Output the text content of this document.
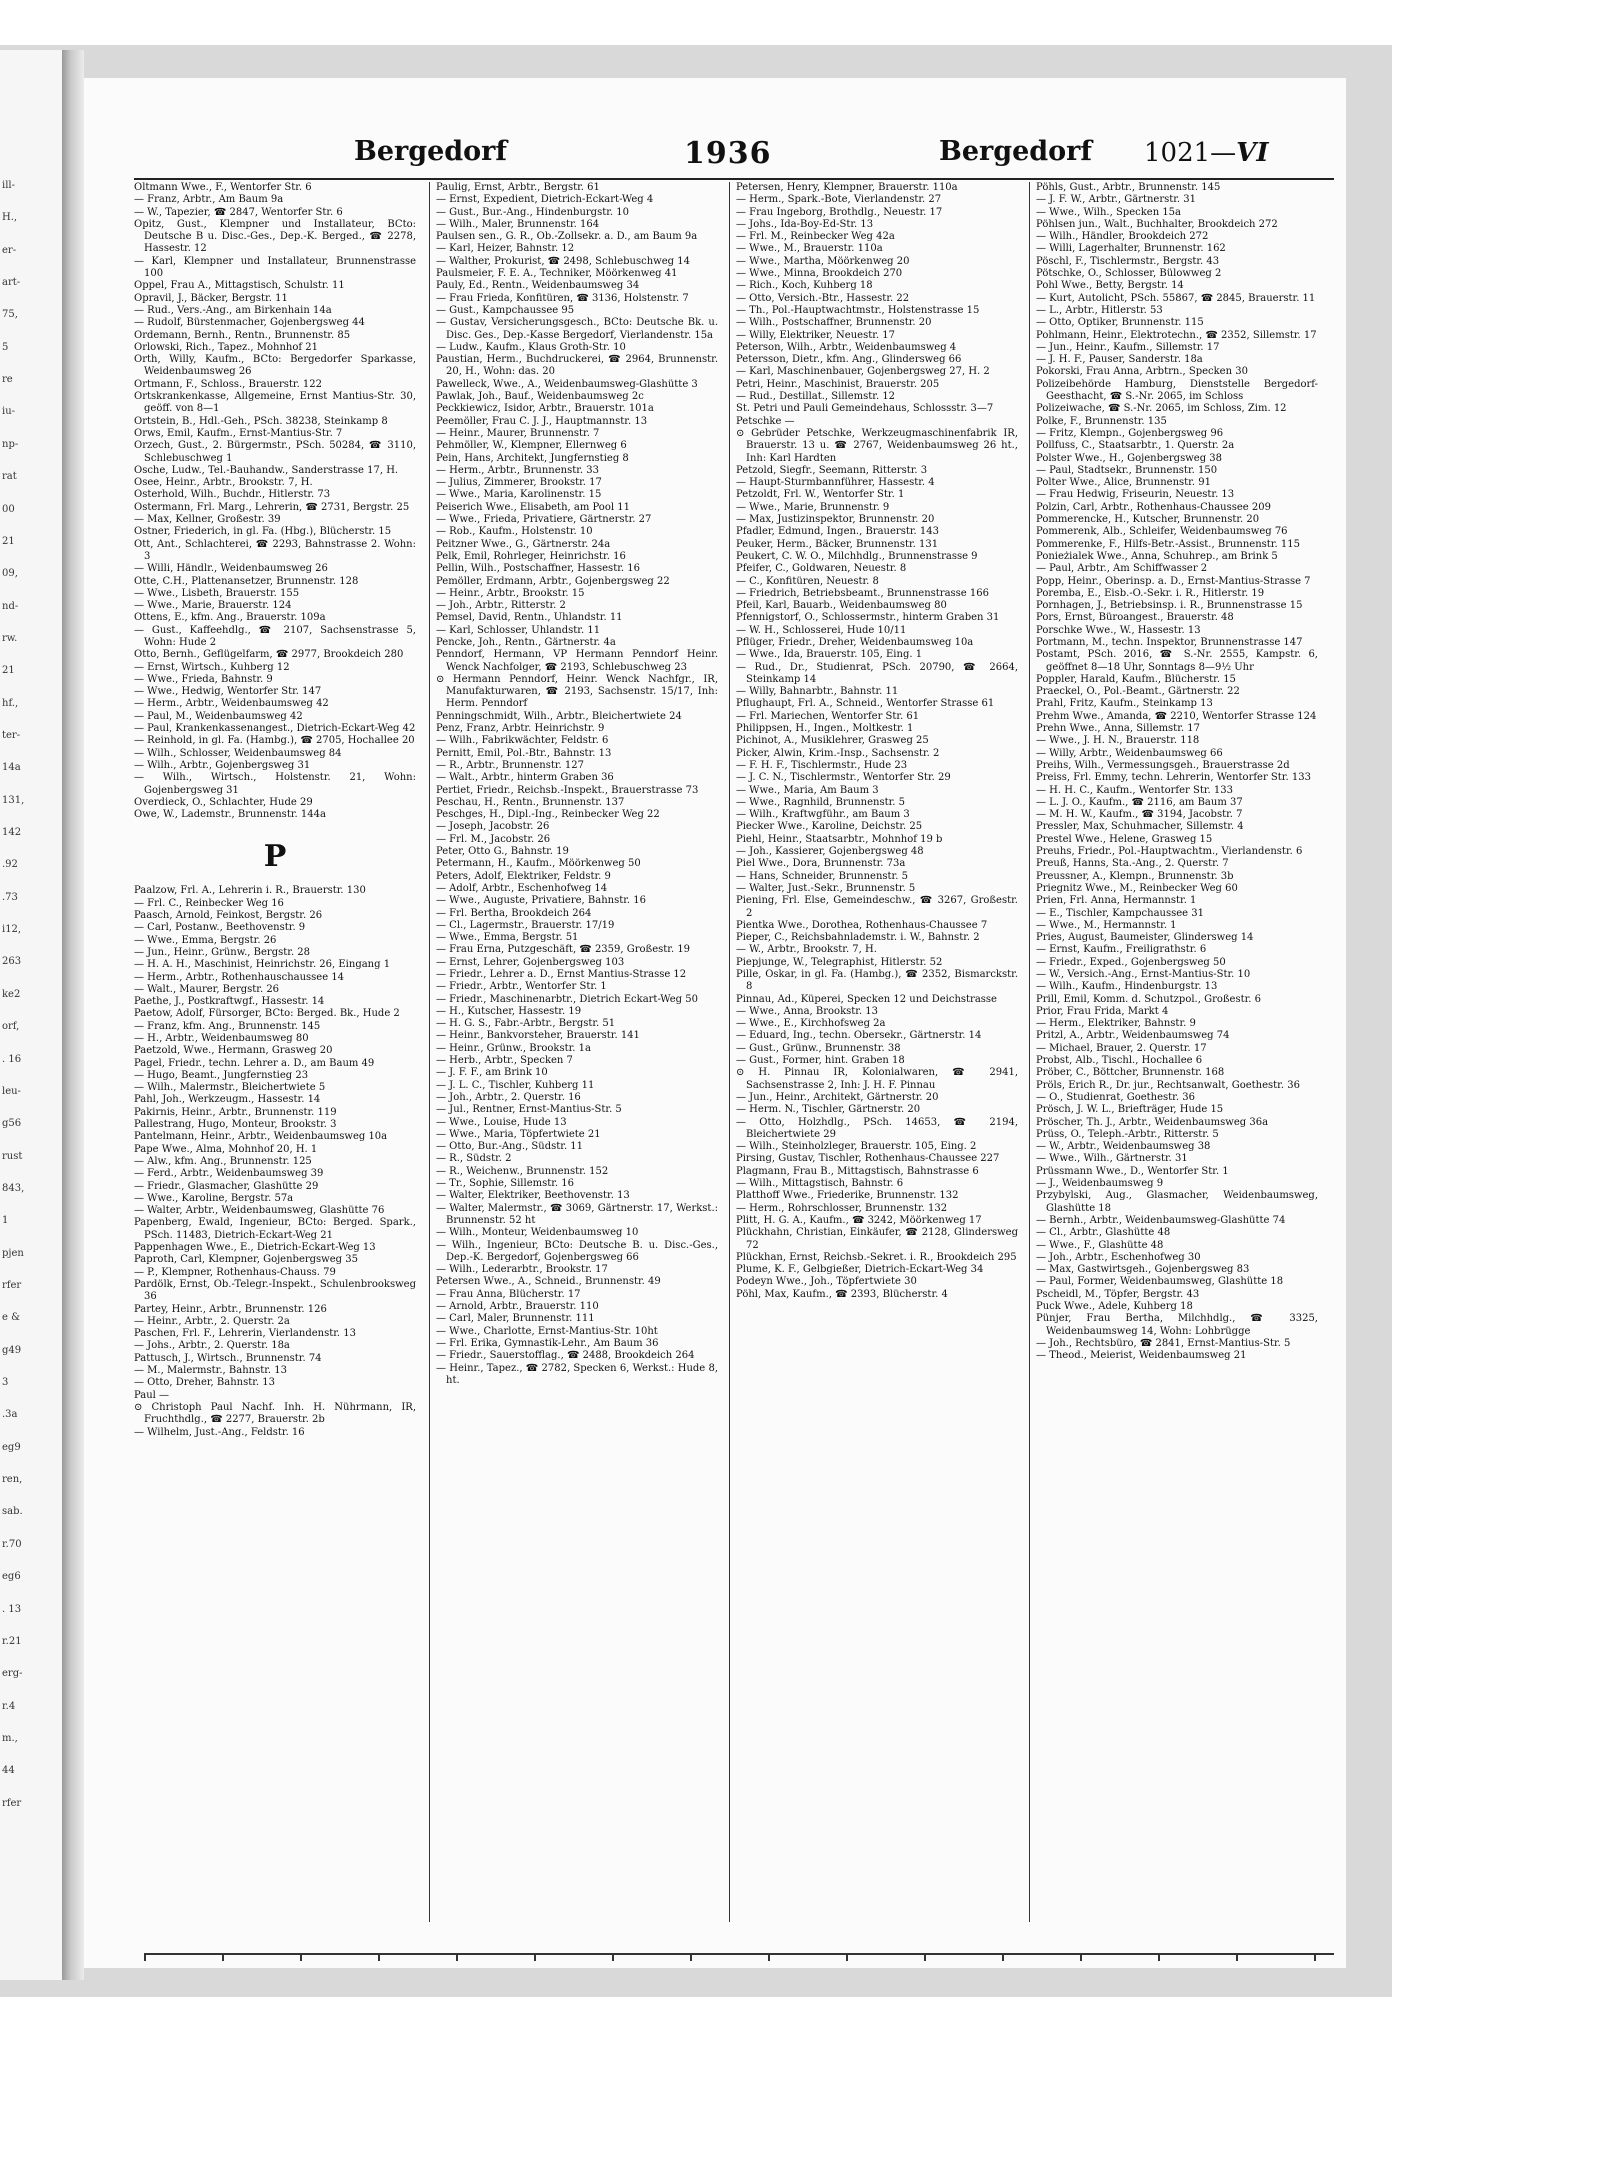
ill-
H.,
er-
art-
75,
5
re
iu-
np-
rat
00
21
09,
nd-
rw.
21
hf.,
ter-
14a
131,
142
.92
.73
i12,
263
ke2
orf,
. 16
leu-
g56
rust
843,
1
pjen
rfer
e &
g49
3
.3a
eg9
ren,
sab.
r.70
eg6
. 13
r.21
erg-
r.4
m.,
44
rfer
Bergedorf	1936	Bergedorf 1021—VI

Oltmann Wwe., F., Wentorfer Str. 6

— Franz, Arbtr., Am Baum 9a

— W., Tapezier, ☎ 2847, Wentorfer Str. 6

Opitz, Gust., Klempner und Installateur, BCto: Deutsche B u. Disc.-Ges., Dep.-K. Berged., ☎ 2278, Hassestr. 12

— Karl, Klempner und Installateur, Brunnenstrasse 100

Oppel, Frau A., Mittagstisch, Schulstr. 11

Opravil, J., Bäcker, Bergstr. 11

— Rud., Vers.-Ang., am Birkenhain 14a

— Rudolf, Bürstenmacher, Gojenbergsweg 44

Ordemann, Bernh., Rentn., Brunnenstr. 85

Orlowski, Rich., Tapez., Mohnhof 21

Orth, Willy, Kaufm., BCto: Bergedorfer Sparkasse, Weidenbaumsweg 26

Ortmann, F., Schloss., Brauerstr. 122

Ortskrankenkasse, Allgemeine, Ernst Mantius-Str. 30, geöff. von 8—1

Ortstein, B., Hdl.-Geh., PSch. 38238, Steinkamp 8

Orws, Emil, Kaufm., Ernst-Mantius-Str. 7

Orzech, Gust., 2. Bürgermstr., PSch. 50284, ☎ 3110, Schlebuschweg 1

Osche, Ludw., Tel.-Bauhandw., Sanderstrasse 17, H.

Osee, Heinr., Arbtr., Brookstr. 7, H.

Osterhold, Wilh., Buchdr., Hitlerstr. 73

Ostermann, Frl. Marg., Lehrerin, ☎ 2731, Bergstr. 25

— Max, Kellner, Großestr. 39

Ostner, Friederich, in gl. Fa. (Hbg.), Blücherstr. 15

Ott, Ant., Schlachterei, ☎ 2293, Bahnstrasse 2. Wohn: 3

— Willi, Händlr., Weidenbaumsweg 26

Otte, C.H., Plattenansetzer, Brunnenstr. 128

— Wwe., Lisbeth, Brauerstr. 155

— Wwe., Marie, Brauerstr. 124

Ottens, E., kfm. Ang., Brauerstr. 109a

— Gust., Kaffeehdlg., ☎ 2107, Sachsenstrasse 5, Wohn: Hude 2

Otto, Bernh., Geflügelfarm, ☎ 2977, Brookdeich 280

— Ernst, Wirtsch., Kuhberg 12

— Wwe., Frieda, Bahnstr. 9

— Wwe., Hedwig, Wentorfer Str. 147

— Herm., Arbtr., Weidenbaumsweg 42

— Paul, M., Weidenbaumsweg 42

— Paul, Krankenkassenangest., Dietrich-Eckart-Weg 42

— Reinhold, in gl. Fa. (Hambg.), ☎ 2705, Hochallee 20

— Wilh., Schlosser, Weidenbaumsweg 84

— Wilh., Arbtr., Gojenbergsweg 31

— Wilh., Wirtsch., Holstenstr. 21, Wohn: Gojenbergsweg 31

Overdieck, O., Schlachter, Hude 29

Owe, W., Lademstr., Brunnenstr. 144a

P

Paalzow, Frl. A., Lehrerin i. R., Brauerstr. 130

— Frl. C., Reinbecker Weg 16

Paasch, Arnold, Feinkost, Bergstr. 26

— Carl, Postanw., Beethovenstr. 9

— Wwe., Emma, Bergstr. 26

— Jun., Heinr., Grünw., Bergstr. 28

— H. A. H., Maschinist, Heinrichstr. 26, Eingang 1

— Herm., Arbtr., Rothenhauschaussee 14

— Walt., Maurer, Bergstr. 26

Paethe, J., Postkraftwgf., Hassestr. 14

Paetow, Adolf, Fürsorger, BCto: Berged. Bk., Hude 2

— Franz, kfm. Ang., Brunnenstr. 145

— H., Arbtr., Weidenbaumsweg 80

Paetzold, Wwe., Hermann, Grasweg 20

Pagel, Friedr., techn. Lehrer a. D., am Baum 49

— Hugo, Beamt., Jungfernstieg 23

— Wilh., Malermstr., Bleichertwiete 5

Pahl, Joh., Werkzeugm., Hassestr. 14

Pakirnis, Heinr., Arbtr., Brunnenstr. 119

Pallestrang, Hugo, Monteur, Brookstr. 3

Pantelmann, Heinr., Arbtr., Weidenbaumsweg 10a

Pape Wwe., Alma, Mohnhof 20, H. 1

— Alw., kfm. Ang., Brunnenstr. 125

— Ferd., Arbtr., Weidenbaumsweg 39

— Friedr., Glasmacher, Glashütte 29

— Wwe., Karoline, Bergstr. 57a

— Walter, Arbtr., Weidenbaumsweg, Glashütte 76

Papenberg, Ewald, Ingenieur, BCto: Berged. Spark., PSch. 11483, Dietrich-Eckart-Weg 21

Pappenhagen Wwe., E., Dietrich-Eckart-Weg 13

Paproth, Carl, Klempner, Gojenbergsweg 35

— P., Klempner, Rothenhaus-Chauss. 79

Pardölk, Ernst, Ob.-Telegr.-Inspekt., Schulenbrooksweg 36

Partey, Heinr., Arbtr., Brunnenstr. 126

— Heinr., Arbtr., 2. Querstr. 2a

Paschen, Frl. F., Lehrerin, Vierlandenstr. 13

— Johs., Arbtr., 2. Querstr. 18a

Pattusch, J., Wirtsch., Brunnenstr. 74

— M., Malermstr., Bahnstr. 13

— Otto, Dreher, Bahnstr. 13

Paul —

⊙ Christoph Paul Nachf. Inh. H. Nührmann, IR, Fruchthdlg., ☎ 2277, Brauerstr. 2b

— Wilhelm, Just.-Ang., Feldstr. 16

Paulig, Ernst, Arbtr., Bergstr. 61

— Ernst, Expedient, Dietrich-Eckart-Weg 4

— Gust., Bur.-Ang., Hindenburgstr. 10

— Wilh., Maler, Brunnenstr. 164

Paulsen sen., G. R., Ob.-Zollsekr. a. D., am Baum 9a

— Karl, Heizer, Bahnstr. 12

— Walther, Prokurist, ☎ 2498, Schlebuschweg 14

Paulsmeier, F. E. A., Techniker, Möörkenweg 41

Pauly, Ed., Rentn., Weidenbaumsweg 34

— Frau Frieda, Konfitüren, ☎ 3136, Holstenstr. 7

— Gust., Kampchaussee 95

— Gustav, Versicherungsgesch., BCto: Deutsche Bk. u. Disc. Ges., Dep.-Kasse Bergedorf, Vierlandenstr. 15a

— Ludw., Kaufm., Klaus Groth-Str. 10

Paustian, Herm., Buchdruckerei, ☎ 2964, Brunnenstr. 20, H., Wohn: das. 20

Pawelleck, Wwe., A., Weidenbaumsweg-Glashütte 3

Pawlak, Joh., Bauf., Weidenbaumsweg 2c

Peckkiewicz, Isidor, Arbtr., Brauerstr. 101a

Peemöller, Frau C. J. J., Hauptmannstr. 13

— Heinr., Maurer, Brunnenstr. 7

Pehmöller, W., Klempner, Ellernweg 6

Pein, Hans, Architekt, Jungfernstieg 8

— Herm., Arbtr., Brunnenstr. 33

— Julius, Zimmerer, Brookstr. 17

— Wwe., Maria, Karolinenstr. 15

Peiserich Wwe., Elisabeth, am Pool 11

— Wwe., Frieda, Privatiere, Gärtnerstr. 27

— Rob., Kaufm., Holstenstr. 10

Peitzner Wwe., G., Gärtnerstr. 24a

Pelk, Emil, Rohrleger, Heinrichstr. 16

Pellin, Wilh., Postschaffner, Hassestr. 16

Pemöller, Erdmann, Arbtr., Gojenbergsweg 22

— Heinr., Arbtr., Brookstr. 15

— Joh., Arbtr., Ritterstr. 2

Pemsel, David, Rentn., Uhlandstr. 11

— Karl, Schlosser, Uhlandstr. 11

Pencke, Joh., Rentn., Gärtnerstr. 4a

Penndorf, Hermann, VP Hermann Penndorf Heinr. Wenck Nachfolger, ☎ 2193, Schlebuschweg 23

⊙ Hermann Penndorf, Heinr. Wenck Nachfgr., IR, Manufakturwaren, ☎ 2193, Sachsenstr. 15/17, Inh: Herm. Penndorf

Penningschmidt, Wilh., Arbtr., Bleichertwiete 24

Penz, Franz, Arbtr. Heinrichstr. 9

— Wilh., Fabrikwächter, Feldstr. 6

Pernitt, Emil, Pol.-Btr., Bahnstr. 13

— R., Arbtr., Brunnenstr. 127

— Walt., Arbtr., hinterm Graben 36

Pertiet, Friedr., Reichsb.-Inspekt., Brauerstrasse 73

Peschau, H., Rentn., Brunnenstr. 137

Peschges, H., Dipl.-Ing., Reinbecker Weg 22

— Joseph, Jacobstr. 26

— Frl. M., Jacobstr. 26

Peter, Otto G., Bahnstr. 19

Petermann, H., Kaufm., Möörkenweg 50

Peters, Adolf, Elektriker, Feldstr. 9

— Adolf, Arbtr., Eschenhofweg 14

— Wwe., Auguste, Privatiere, Bahnstr. 16

— Frl. Bertha, Brookdeich 264

— Cl., Lagermstr., Brauerstr. 17/19

— Wwe., Emma, Bergstr. 51

— Frau Erna, Putzgeschäft, ☎ 2359, Großestr. 19

— Ernst, Lehrer, Gojenbergsweg 103

— Friedr., Lehrer a. D., Ernst Mantius-Strasse 12

— Friedr., Arbtr., Wentorfer Str. 1

— Friedr., Maschinenarbtr., Dietrich Eckart-Weg 50

— H., Kutscher, Hassestr. 19

— H. G. S., Fabr.-Arbtr., Bergstr. 51

— Heinr., Bankvorsteher, Brauerstr. 141

— Heinr., Grünw., Brookstr. 1a

— Herb., Arbtr., Specken 7

— J. F. F., am Brink 10

— J. L. C., Tischler, Kuhberg 11

— Joh., Arbtr., 2. Querstr. 16

— Jul., Rentner, Ernst-Mantius-Str. 5

— Wwe., Louise, Hude 13

— Wwe., Maria, Töpfertwiete 21

— Otto, Bur.-Ang., Südstr. 11

— R., Südstr. 2

— R., Weichenw., Brunnenstr. 152

— Tr., Sophie, Sillemstr. 16

— Walter, Elektriker, Beethovenstr. 13

— Walter, Malermstr., ☎ 3069, Gärtnerstr. 17, Werkst.: Brunnenstr. 52 ht

— Wilh., Monteur, Weidenbaumsweg 10

— Wilh., Ingenieur, BCto: Deutsche B. u. Disc.-Ges., Dep.-K. Bergedorf, Gojenbergsweg 66

— Wilh., Lederarbtr., Brookstr. 17

Petersen Wwe., A., Schneid., Brunnenstr. 49

— Frau Anna, Blücherstr. 17

— Arnold, Arbtr., Brauerstr. 110

— Carl, Maler, Brunnenstr. 111

— Wwe., Charlotte, Ernst-Mantius-Str. 10ht

— Frl. Erika, Gymnastik-Lehr., Am Baum 36

— Friedr., Sauerstofflag., ☎ 2488, Brookdeich 264

— Heinr., Tapez., ☎ 2782, Specken 6, Werkst.: Hude 8, ht.

Petersen, Henry, Klempner, Brauerstr. 110a

— Herm., Spark.-Bote, Vierlandenstr. 27

— Frau Ingeborg, Brothdlg., Neuestr. 17

— Johs., Ida-Boy-Ed-Str. 13

— Frl. M., Reinbecker Weg 42a

— Wwe., M., Brauerstr. 110a

— Wwe., Martha, Möörkenweg 20

— Wwe., Minna, Brookdeich 270

— Rich., Koch, Kuhberg 18

— Otto, Versich.-Btr., Hassestr. 22

— Th., Pol.-Hauptwachtmstr., Holstenstrasse 15

— Wilh., Postschaffner, Brunnenstr. 20

— Willy, Elektriker, Neuestr. 17

Peterson, Wilh., Arbtr., Weidenbaumsweg 4

Petersson, Dietr., kfm. Ang., Glindersweg 66

— Karl, Maschinenbauer, Gojenbergsweg 27, H. 2

Petri, Heinr., Maschinist, Brauerstr. 205

— Rud., Destillat., Sillemstr. 12

St. Petri und Pauli Gemeindehaus, Schlossstr. 3—7

Petschke —

⊙ Gebrüder Petschke, Werkzeugmaschinenfabrik IR, Brauerstr. 13 u. ☎ 2767, Weidenbaumsweg 26 ht., Inh: Karl Hardten

Petzold, Siegfr., Seemann, Ritterstr. 3

— Haupt-Sturmbannführer, Hassestr. 4

Petzoldt, Frl. W., Wentorfer Str. 1

— Wwe., Marie, Brunnenstr. 9

— Max, Justizinspektor, Brunnenstr. 20

Pfadler, Edmund, Ingen., Brauerstr. 143

Peuker, Herm., Bäcker, Brunnenstr. 131

Peukert, C. W. O., Milchhdlg., Brunnenstrasse 9

Pfeifer, C., Goldwaren, Neuestr. 8

— C., Konfitüren, Neuestr. 8

— Friedrich, Betriebsbeamt., Brunnenstrasse 166

Pfeil, Karl, Bauarb., Weidenbaumsweg 80

Pfennigstorf, O., Schlossermstr., hinterm Graben 31

— W. H., Schlosserei, Hude 10/11

Pflüger, Friedr., Dreher, Weidenbaumsweg 10a

— Wwe., Ida, Brauerstr. 105, Eing. 1

— Rud., Dr., Studienrat, PSch. 20790, ☎ 2664, Steinkamp 14

— Willy, Bahnarbtr., Bahnstr. 11

Pflughaupt, Frl. A., Schneid., Wentorfer Strasse 61

— Frl. Mariechen, Wentorfer Str. 61

Philippsen, H., Ingen., Moltkestr. 1

Pichinot, A., Musiklehrer, Grasweg 25

Picker, Alwin, Krim.-Insp., Sachsenstr. 2

— F. H. F., Tischlermstr., Hude 23

— J. C. N., Tischlermstr., Wentorfer Str. 29

— Wwe., Maria, Am Baum 3

— Wwe., Ragnhild, Brunnenstr. 5

— Wilh., Kraftwgführ., am Baum 3

Piecker Wwe., Karoline, Deichstr. 25

Piehl, Heinr., Staatsarbtr., Mohnhof 19 b

— Joh., Kassierer, Gojenbergsweg 48

Piel Wwe., Dora, Brunnenstr. 73a

— Hans, Schneider, Brunnenstr. 5

— Walter, Just.-Sekr., Brunnenstr. 5

Piening, Frl. Else, Gemeindeschw., ☎ 3267, Großestr. 2

Pientka Wwe., Dorothea, Rothenhaus-Chaussee 7

Pieper, C., Reichsbahnlademstr. i. W., Bahnstr. 2

— W., Arbtr., Brookstr. 7, H.

Piepjunge, W., Telegraphist, Hitlerstr. 52

Pille, Oskar, in gl. Fa. (Hambg.), ☎ 2352, Bismarckstr. 8

Pinnau, Ad., Küperei, Specken 12 und Deichstrasse

— Wwe., Anna, Brookstr. 13

— Wwe., E., Kirchhofsweg 2a

— Eduard, Ing., techn. Obersekr., Gärtnerstr. 14

— Gust., Grünw., Brunnenstr. 38

— Gust., Former, hint. Graben 18

⊙ H. Pinnau IR, Kolonialwaren, ☎ 2941, Sachsenstrasse 2, Inh: J. H. F. Pinnau

— Jun., Heinr., Architekt, Gärtnerstr. 20

— Herm. N., Tischler, Gärtnerstr. 20

— Otto, Holzhdlg., PSch. 14653, ☎ 2194, Bleichertwiete 29

— Wilh., Steinholzleger, Brauerstr. 105, Eing. 2

Pirsing, Gustav, Tischler, Rothenhaus-Chaussee 227

Plagmann, Frau B., Mittagstisch, Bahnstrasse 6

— Wilh., Mittagstisch, Bahnstr. 6

Platthoff Wwe., Friederike, Brunnenstr. 132

— Herm., Rohrschlosser, Brunnenstr. 132

Plitt, H. G. A., Kaufm., ☎ 3242, Möörkenweg 17

Plückhahn, Christian, Einkäufer, ☎ 2128, Glindersweg 72

Plückhan, Ernst, Reichsb.-Sekret. i. R., Brookdeich 295

Plume, K. F., Gelbgießer, Dietrich-Eckart-Weg 34

Podeyn Wwe., Joh., Töpfertwiete 30

Pöhl, Max, Kaufm., ☎ 2393, Blücherstr. 4

Pöhls, Gust., Arbtr., Brunnenstr. 145

— J. F. W., Arbtr., Gärtnerstr. 31

— Wwe., Wilh., Specken 15a

Pöhlsen jun., Walt., Buchhalter, Brookdeich 272

— Wilh., Händler, Brookdeich 272

— Willi, Lagerhalter, Brunnenstr. 162

Pöschl, F., Tischlermstr., Bergstr. 43

Pötschke, O., Schlosser, Bülowweg 2

Pohl Wwe., Betty, Bergstr. 14

— Kurt, Autolicht, PSch. 55867, ☎ 2845, Brauerstr. 11

— L., Arbtr., Hitlerstr. 53

— Otto, Optiker, Brunnenstr. 115

Pohlmann, Heinr., Elektrotechn., ☎ 2352, Sillemstr. 17

— Jun., Heinr., Kaufm., Sillemstr. 17

— J. H. F., Pauser, Sanderstr. 18a

Pokorski, Frau Anna, Arbtrn., Specken 30

Polizeibehörde Hamburg, Dienststelle Bergedorf-Geesthacht, ☎ S.-Nr. 2065, im Schloss

Polizeiwache, ☎ S.-Nr. 2065, im Schloss, Zim. 12

Polke, F., Brunnenstr. 135

— Fritz, Klempn., Gojenbergsweg 96

Pollfuss, C., Staatsarbtr., 1. Querstr. 2a

Polster Wwe., H., Gojenbergsweg 38

— Paul, Stadtsekr., Brunnenstr. 150

Polter Wwe., Alice, Brunnenstr. 91

— Frau Hedwig, Friseurin, Neuestr. 13

Polzin, Carl, Arbtr., Rothenhaus-Chaussee 209

Pommerencke, H., Kutscher, Brunnenstr. 20

Pommerenk, Alb., Schleifer, Weidenbaumsweg 76

Pommerenke, F., Hilfs-Betr.-Assist., Brunnenstr. 115

Ponieżialek Wwe., Anna, Schuhrep., am Brink 5

— Paul, Arbtr., Am Schiffwasser 2

Popp, Heinr., Oberinsp. a. D., Ernst-Mantius-Strasse 7

Poremba, E., Eisb.-O.-Sekr. i. R., Hitlerstr. 19

Pornhagen, J., Betriebsinsp. i. R., Brunnenstrasse 15

Pors, Ernst, Büroangest., Brauerstr. 48

Porschke Wwe., W., Hassestr. 13

Portmann, M., techn. Inspektor, Brunnenstrasse 147

Postamt, PSch. 2016, ☎ S.-Nr. 2555, Kampstr. 6, geöffnet 8—18 Uhr, Sonntags 8—9½ Uhr

Poppler, Harald, Kaufm., Blücherstr. 15

Praeckel, O., Pol.-Beamt., Gärtnerstr. 22

Prahl, Fritz, Kaufm., Steinkamp 13

Prehm Wwe., Amanda, ☎ 2210, Wentorfer Strasse 124

Prehn Wwe., Anna, Sillemstr. 17

— Wwe., J. H. N., Brauerstr. 118

— Willy, Arbtr., Weidenbaumsweg 66

Preihs, Wilh., Vermessungsgeh., Brauerstrasse 2d

Preiss, Frl. Emmy, techn. Lehrerin, Wentorfer Str. 133

— H. H. C., Kaufm., Wentorfer Str. 133

— L. J. O., Kaufm., ☎ 2116, am Baum 37

— M. H. W., Kaufm., ☎ 3194, Jacobstr. 7

Pressler, Max, Schuhmacher, Sillemstr. 4

Prestel Wwe., Helene, Grasweg 15

Preuhs, Friedr., Pol.-Hauptwachtm., Vierlandenstr. 6

Preuß, Hanns, Sta.-Ang., 2. Querstr. 7

Preussner, A., Klempn., Brunnenstr. 3b

Priegnitz Wwe., M., Reinbecker Weg 60

Prien, Frl. Anna, Hermannstr. 1

— E., Tischler, Kampchaussee 31

— Wwe., M., Hermannstr. 1

Pries, August, Baumeister, Glindersweg 14

— Ernst, Kaufm., Freiligrathstr. 6

— Friedr., Exped., Gojenbergsweg 50

— W., Versich.-Ang., Ernst-Mantius-Str. 10

— Wilh., Kaufm., Hindenburgstr. 13

Prill, Emil, Komm. d. Schutzpol., Großestr. 6

Prior, Frau Frida, Markt 4

— Herm., Elektriker, Bahnstr. 9

Pritzl, A., Arbtr., Weidenbaumsweg 74

— Michael, Brauer, 2. Querstr. 17

Probst, Alb., Tischl., Hochallee 6

Pröber, C., Böttcher, Brunnenstr. 168

Pröls, Erich R., Dr. jur., Rechtsanwalt, Goethestr. 36

— O., Studienrat, Goethestr. 36

Prösch, J. W. L., Briefträger, Hude 15

Pröscher, Th. J., Arbtr., Weidenbaumsweg 36a

Prüss, O., Teleph.-Arbtr., Ritterstr. 5

— W., Arbtr., Weidenbaumsweg 38

— Wwe., Wilh., Gärtnerstr. 31

Prüssmann Wwe., D., Wentorfer Str. 1

— J., Weidenbaumsweg 9

Przybylski, Aug., Glasmacher, Weidenbaumsweg, Glashütte 18

— Bernh., Arbtr., Weidenbaumsweg-Glashütte 74

— Cl., Arbtr., Glashütte 48

— Wwe., F., Glashütte 48

— Joh., Arbtr., Eschenhofweg 30

— Max, Gastwirtsgeh., Gojenbergsweg 83

— Paul, Former, Weidenbaumsweg, Glashütte 18

Pscheidl, M., Töpfer, Bergstr. 43

Puck Wwe., Adele, Kuhberg 18

Pünjer, Frau Bertha, Milchhdlg., ☎ 3325, Weidenbaumsweg 14, Wohn: Lohbrügge

— Joh., Rechtsbüro, ☎ 2841, Ernst-Mantius-Str. 5

— Theod., Meierist, Weidenbaumsweg 21
